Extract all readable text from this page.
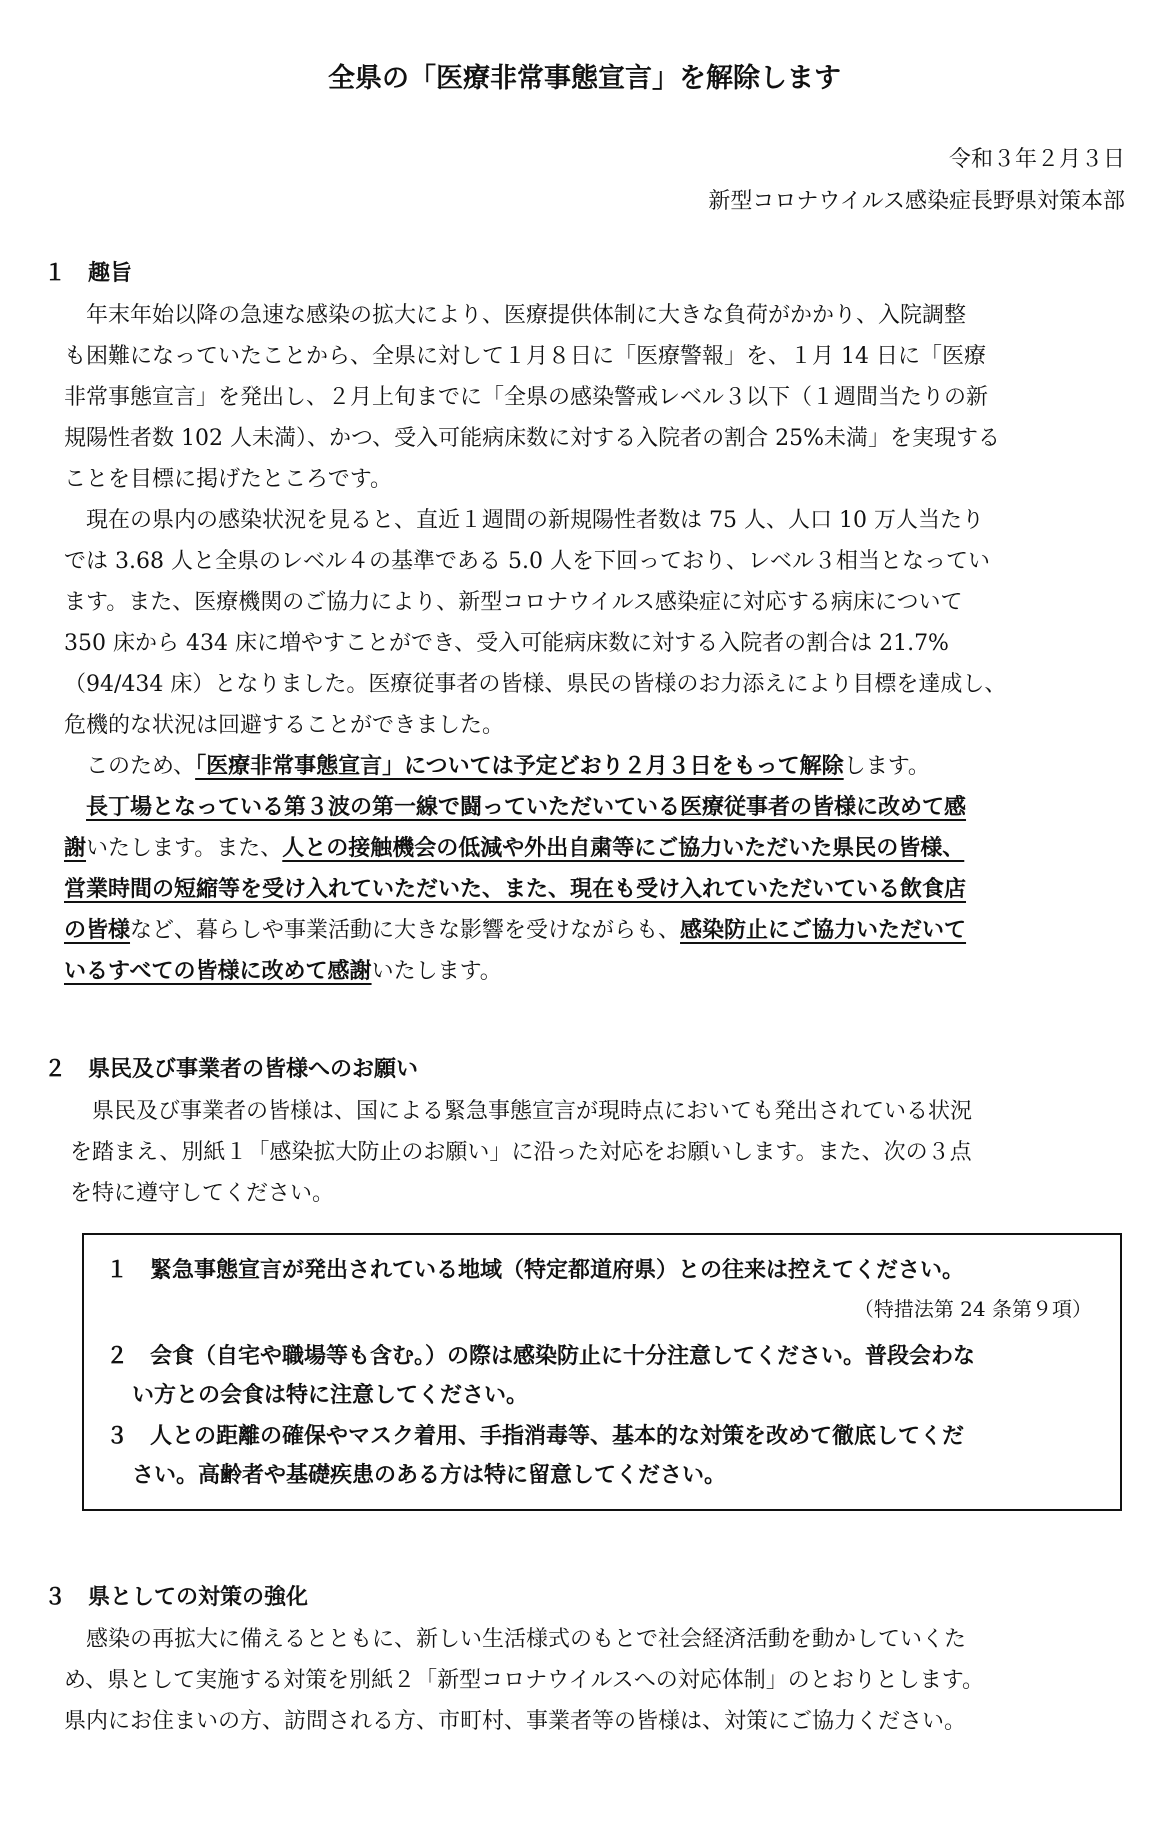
全県の「医療非常事態宣言」を解除します
令和３年２月３日
新型コロナウイルス感染症長野県対策本部
１　趣旨
　年末年始以降の急速な感染の拡大により、医療提供体制に大きな負荷がかかり、入院調整
も困難になっていたことから、全県に対して１月８日に「医療警報」を、１月 14 日に「医療
非常事態宣言」を発出し、２月上旬までに「全県の感染警戒レベル３以下（１週間当たりの新
規陽性者数 102 人未満）、かつ、受入可能病床数に対する入院者の割合 25%未満」を実現する
ことを目標に掲げたところです。
　現在の県内の感染状況を見ると、直近１週間の新規陽性者数は 75 人、人口 10 万人当たり
では 3.68 人と全県のレベル４の基準である 5.0 人を下回っており、レベル３相当となってい
ます。また、医療機関のご協力により、新型コロナウイルス感染症に対応する病床について
350 床から 434 床に増やすことができ、受入可能病床数に対する入院者の割合は 21.7%
（94/434 床）となりました。医療従事者の皆様、県民の皆様のお力添えにより目標を達成し、
危機的な状況は回避することができました。
　このため、「医療非常事態宣言」については予定どおり２月３日をもって解除します。
　長丁場となっている第３波の第一線で闘っていただいている医療従事者の皆様に改めて感
謝いたします。また、人との接触機会の低減や外出自粛等にご協力いただいた県民の皆様、
営業時間の短縮等を受け入れていただいた、また、現在も受け入れていただいている飲食店
の皆様など、暮らしや事業活動に大きな影響を受けながらも、感染防止にご協力いただいて
いるすべての皆様に改めて感謝いたします。
２　県民及び事業者の皆様へのお願い
　県民及び事業者の皆様は、国による緊急事態宣言が現時点においても発出されている状況
を踏まえ、別紙１「感染拡大防止のお願い」に沿った対応をお願いします。また、次の３点
を特に遵守してください。
１　緊急事態宣言が発出されている地域（特定都道府県）との往来は控えてください。
（特措法第 24 条第９項）
２　会食（自宅や職場等も含む。）の際は感染防止に十分注意してください。普段会わな
い方との会食は特に注意してください。
３　人との距離の確保やマスク着用、手指消毒等、基本的な対策を改めて徹底してくだ
さい。高齢者や基礎疾患のある方は特に留意してください。
３　県としての対策の強化
　感染の再拡大に備えるとともに、新しい生活様式のもとで社会経済活動を動かしていくた
め、県として実施する対策を別紙２「新型コロナウイルスへの対応体制」のとおりとします。
県内にお住まいの方、訪問される方、市町村、事業者等の皆様は、対策にご協力ください。
